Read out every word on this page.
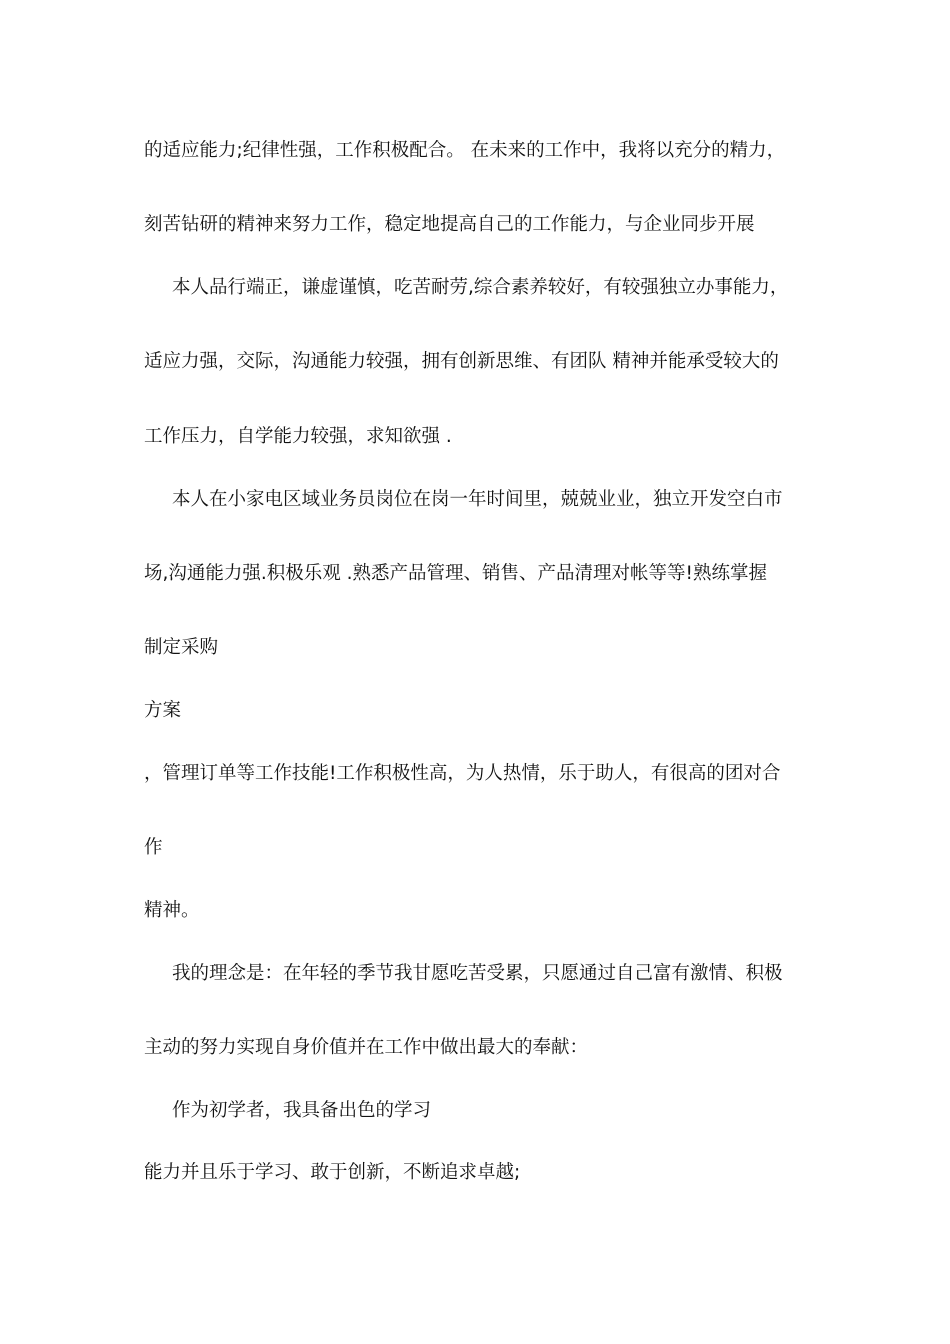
的适应能力;纪律性强，工作积极配合。 在未来的工作中，我将以充分的精力，
刻苦钻研的精神来努力工作，稳定地提高自己的工作能力，与企业同步开展
本人品行端正，谦虚谨慎，吃苦耐劳,综合素养较好，有较强独立办事能力，
适应力强，交际，沟通能力较强，拥有创新思维、有团队 精神并能承受较大的
工作压力，自学能力较强，求知欲强 .
本人在小家电区域业务员岗位在岗一年时间里，兢兢业业，独立开发空白市
场,沟通能力强.积极乐观 .熟悉产品管理、销售、产品清理对帐等等!熟练掌握
制定采购
方案
，管理订单等工作技能!工作积极性高，为人热情，乐于助人，有很高的团对合
作
精神。
我的理念是：在年轻的季节我甘愿吃苦受累，只愿通过自己富有激情、积极
主动的努力实现自身价值并在工作中做出最大的奉献：
作为初学者，我具备出色的学习
能力并且乐于学习、敢于创新，不断追求卓越;
